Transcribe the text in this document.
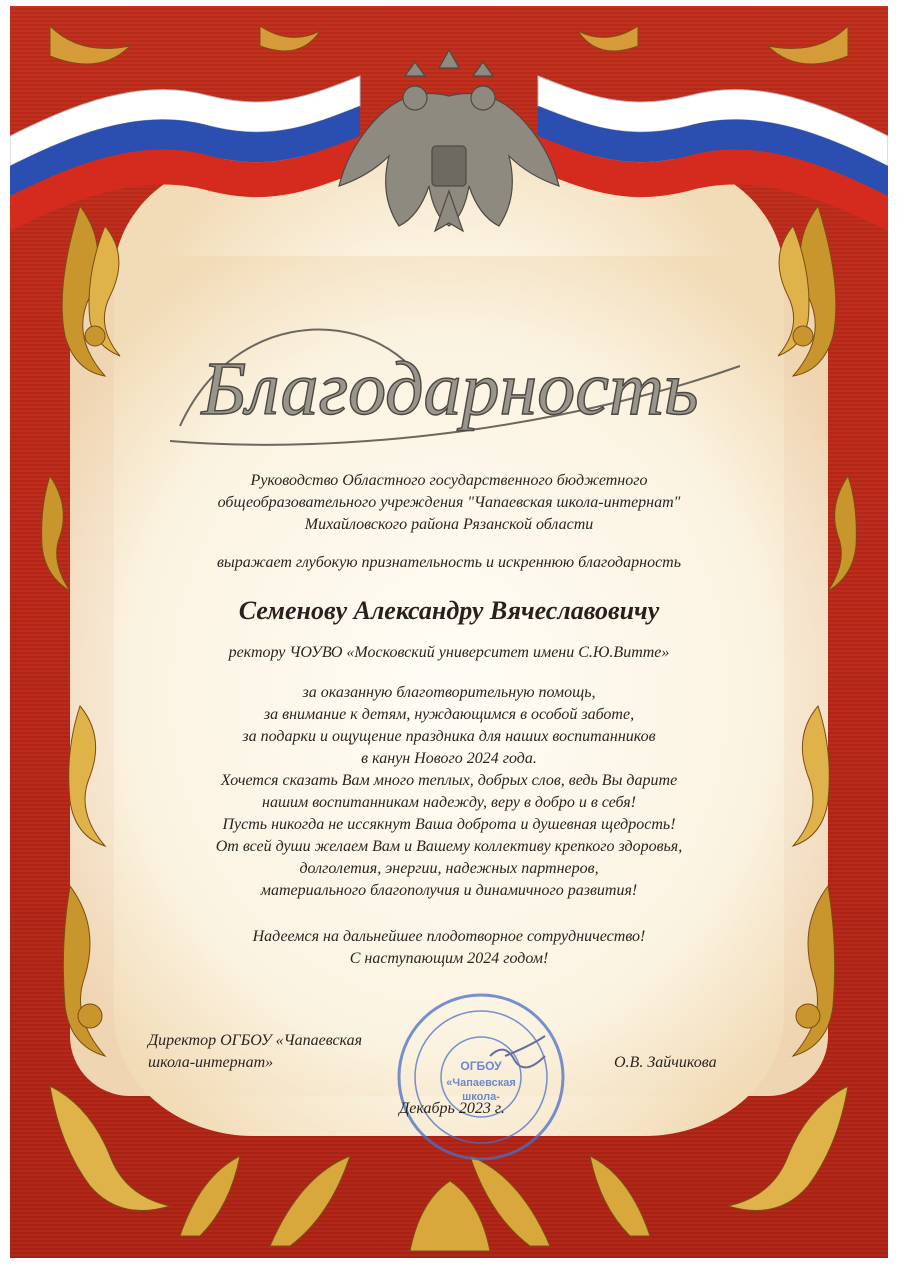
Благодарность
Руководство Областного государственного бюджетного
общеобразовательного учреждения "Чапаевская школа-интернат"
Михайловского района Рязанской области
выражает глубокую признательность и искреннюю благодарность
Семенову Александру Вячеславовичу
ректору ЧОУВО «Московский университет имени С.Ю.Витте»
за оказанную благотворительную помощь,
за внимание к детям, нуждающимся в особой заботе,
за подарки и ощущение праздника для наших воспитанников
в канун Нового 2024 года.
Хочется сказать Вам много теплых, добрых слов, ведь Вы дарите
нашим воспитанникам надежду, веру в добро и в себя!
Пусть никогда не иссякнут Ваша доброта и душевная щедрость!
От всей души желаем Вам и Вашему коллективу крепкого здоровья,
долголетия, энергии, надежных партнеров,
материального благополучия и динамичного развития!
Надеемся на дальнейшее плодотворное сотрудничество!
С наступающим 2024 годом!
Директор ОГБОУ «Чапаевская
школа-интернат»	О.В. Зайчикова
Декабрь 2023 г.
ОГБОУ
«Чапаевская
школа-
